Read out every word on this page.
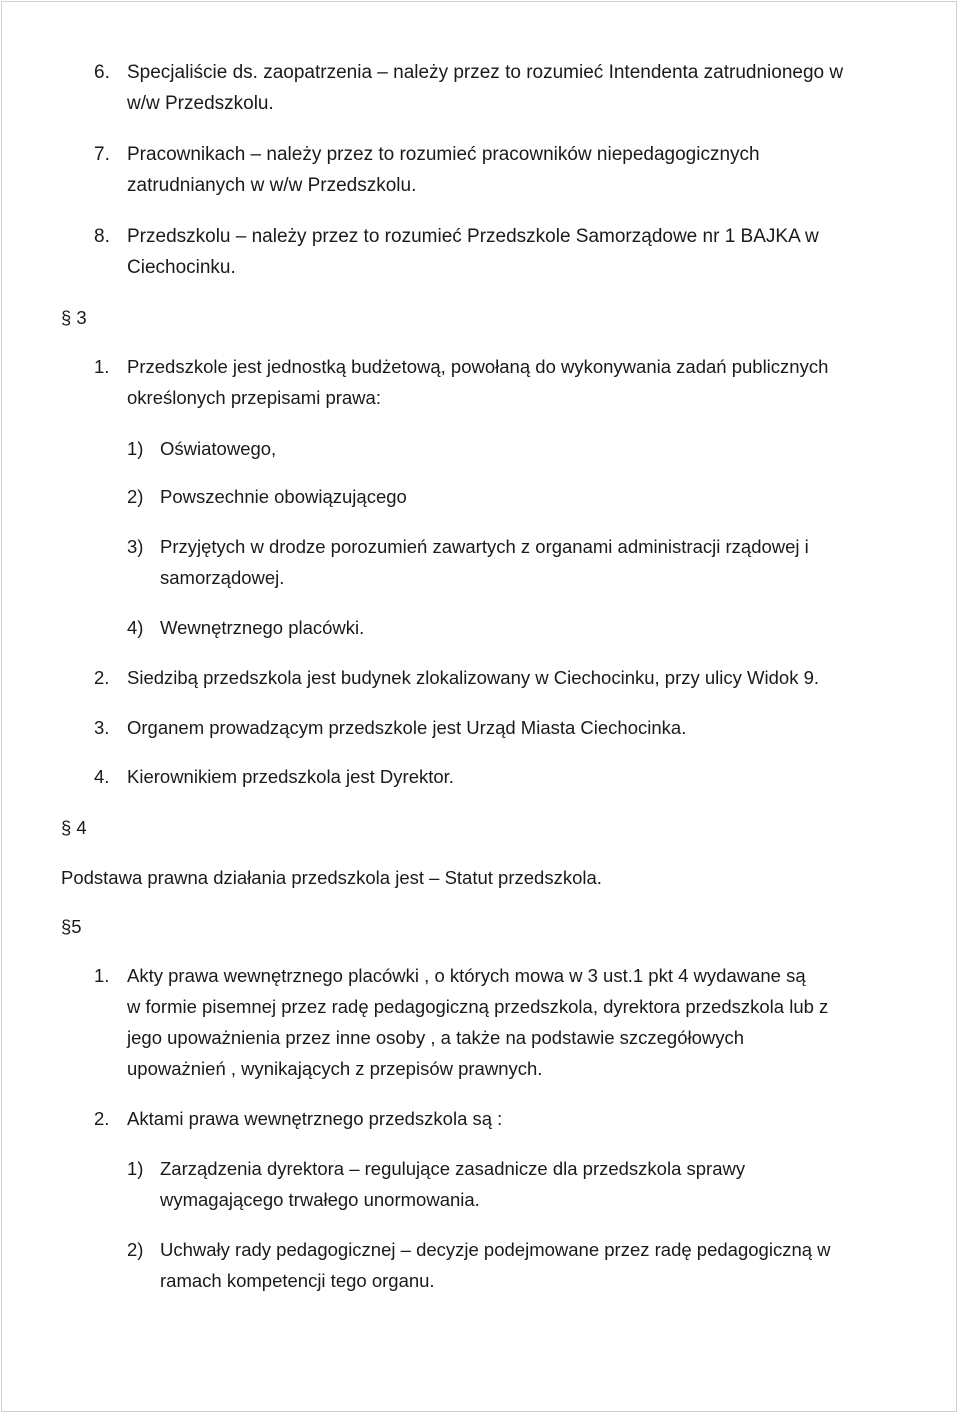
6. Specjaliście ds. zaopatrzenia – należy przez to rozumieć Intendenta zatrudnionego w
w/w Przedszkolu.
7. Pracownikach – należy przez to rozumieć pracowników niepedagogicznych
zatrudnianych w w/w Przedszkolu.
8. Przedszkolu – należy przez to rozumieć Przedszkole Samorządowe nr 1 BAJKA w
Ciechocinku.
§ 3
1. Przedszkole jest jednostką budżetową, powołaną do wykonywania zadań publicznych
określonych przepisami prawa:
1) Oświatowego,
2) Powszechnie obowiązującego
3) Przyjętych w drodze porozumień zawartych z organami administracji rządowej i
samorządowej.
4) Wewnętrznego placówki.
2. Siedzibą przedszkola jest budynek zlokalizowany w Ciechocinku, przy ulicy Widok 9.
3. Organem prowadzącym przedszkole jest Urząd Miasta Ciechocinka.
4. Kierownikiem przedszkola jest Dyrektor.
§ 4
Podstawa prawna działania przedszkola jest – Statut przedszkola.
§5
1. Akty prawa wewnętrznego placówki , o których mowa w 3 ust.1 pkt 4 wydawane są
w formie pisemnej przez radę pedagogiczną przedszkola, dyrektora przedszkola lub z
jego upoważnienia przez inne osoby , a także na podstawie szczegółowych
upoważnień , wynikających z przepisów prawnych.
2. Aktami prawa wewnętrznego przedszkola są :
1) Zarządzenia dyrektora – regulujące zasadnicze dla przedszkola sprawy
wymagającego trwałego unormowania.
2) Uchwały rady pedagogicznej – decyzje podejmowane przez radę pedagogiczną w
ramach kompetencji tego organu.
